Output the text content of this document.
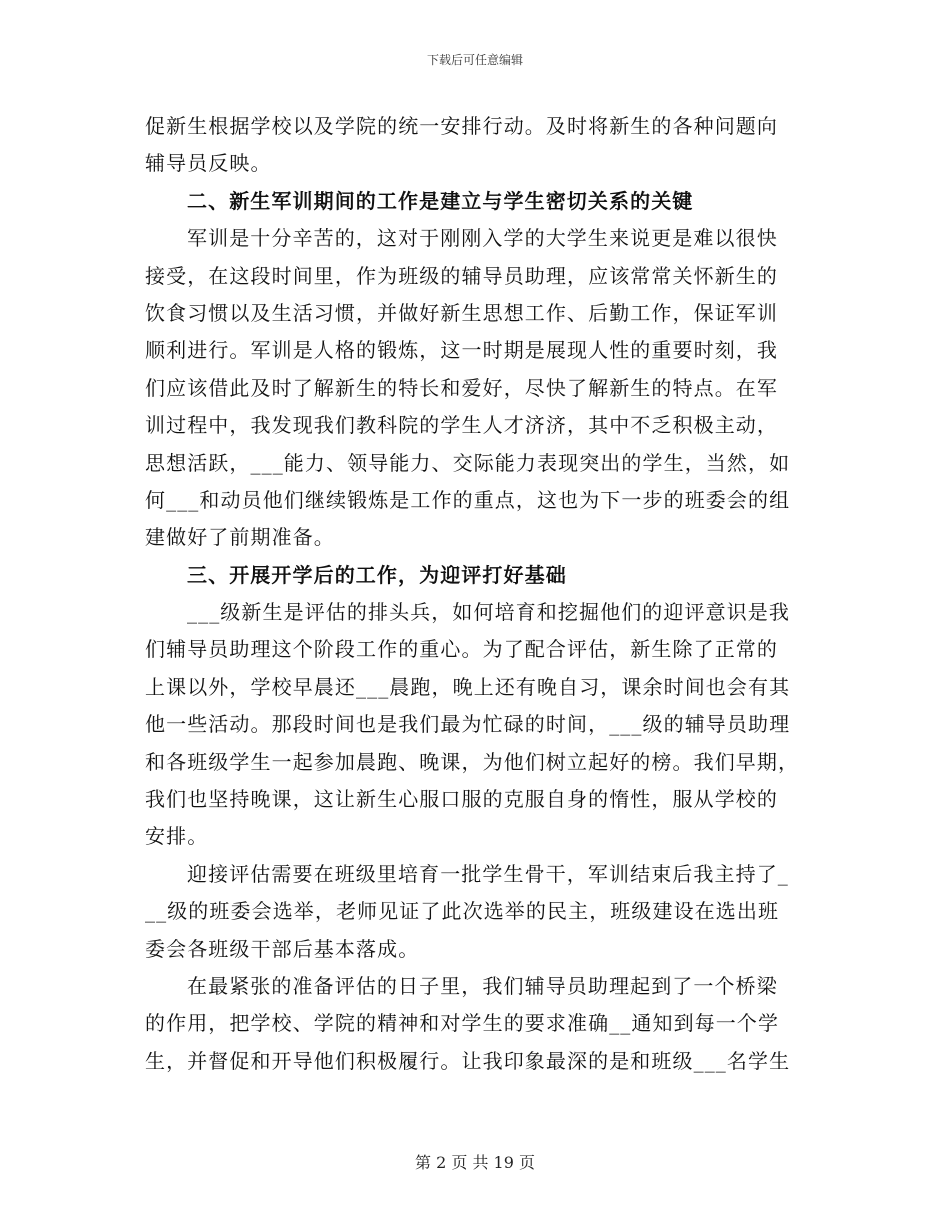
下载后可任意编辑
促新生根据学校以及学院的统一安排行动。及时将新生的各种问题向
辅导员反映。
二、新生军训期间的工作是建立与学生密切关系的关键
军训是十分辛苦的，这对于刚刚入学的大学生来说更是难以很快
接受，在这段时间里，作为班级的辅导员助理，应该常常关怀新生的
饮食习惯以及生活习惯，并做好新生思想工作、后勤工作，保证军训
顺利进行。军训是人格的锻炼，这一时期是展现人性的重要时刻，我
们应该借此及时了解新生的特长和爱好，尽快了解新生的特点。在军
训过程中，我发现我们教科院的学生人才济济，其中不乏积极主动，
思想活跃，___能力、领导能力、交际能力表现突出的学生，当然，如
何___和动员他们继续锻炼是工作的重点，这也为下一步的班委会的组
建做好了前期准备。
三、开展开学后的工作，为迎评打好基础
___级新生是评估的排头兵，如何培育和挖掘他们的迎评意识是我
们辅导员助理这个阶段工作的重心。为了配合评估，新生除了正常的
上课以外，学校早晨还___晨跑，晚上还有晚自习，课余时间也会有其
他一些活动。那段时间也是我们最为忙碌的时间，___级的辅导员助理
和各班级学生一起参加晨跑、晚课，为他们树立起好的榜。我们早期，
我们也坚持晚课，这让新生心服口服的克服自身的惰性，服从学校的
安排。
迎接评估需要在班级里培育一批学生骨干，军训结束后我主持了_
__级的班委会选举，老师见证了此次选举的民主，班级建设在选出班
委会各班级干部后基本落成。
在最紧张的准备评估的日子里，我们辅导员助理起到了一个桥梁
的作用，把学校、学院的精神和对学生的要求准确__通知到每一个学
生，并督促和开导他们积极履行。让我印象最深的是和班级___名学生
第 2 页 共 19 页
